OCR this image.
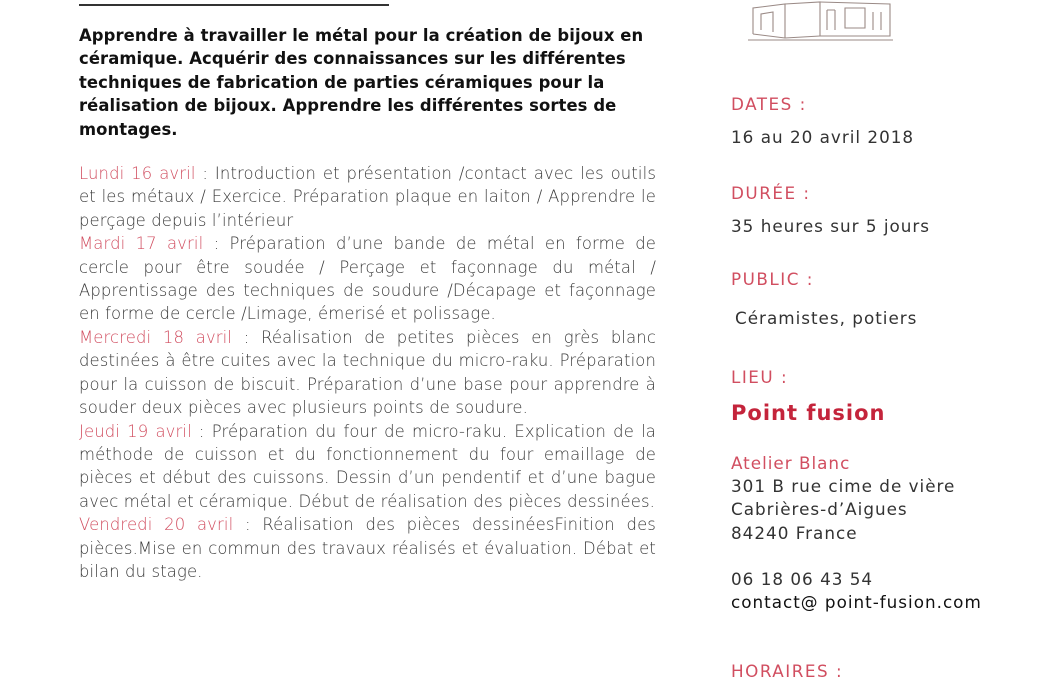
Apprendre à travailler le métal pour la création de bijoux en céramique. Acquérir des connaissances sur les différentes techniques de fabrication de parties céramiques pour la réalisation de bijoux. Apprendre les différentes sortes de montages.

Lundi 16 avril : Introduction et présentation /contact avec les outils et les métaux / Exercice. Préparation plaque en laiton / Apprendre le perçage depuis l’intérieur

Mardi 17 avril : Préparation d’une bande de métal en forme de cercle pour être soudée / Perçage et façonnage du métal / Apprentissage des techniques de soudure /Décapage et façonnage en forme de cercle /Limage, émerisé et polissage.

Mercredi 18 avril : Réalisation de petites pièces en grès blanc destinées à être cuites avec la technique du micro-raku. Préparation pour la cuisson de biscuit. Préparation d’une base pour apprendre à souder deux pièces avec plusieurs points de soudure.

Jeudi 19 avril : Préparation du four de micro-raku. Explication de la méthode de cuisson et du fonctionnement du four emaillage de pièces et début des cuissons. Dessin d’un pendentif et d’une bague avec métal et céramique. Début de réalisation des pièces dessinées.

Vendredi 20 avril : Réalisation des pièces dessinéesFinition des pièces.Mise en commun des travaux réalisés et évaluation. Débat et bilan du stage.

DATES :
16 au 20 avril 2018
DURÉE :
35 heures sur 5 jours
PUBLIC :
Céramistes, potiers
LIEU :
Point fusion
Atelier Blanc
301 B rue cime de vière
Cabrières-d’Aigues
84240 France
06 18 06 43 54
contact@ point-fusion.com
HORAIRES :
